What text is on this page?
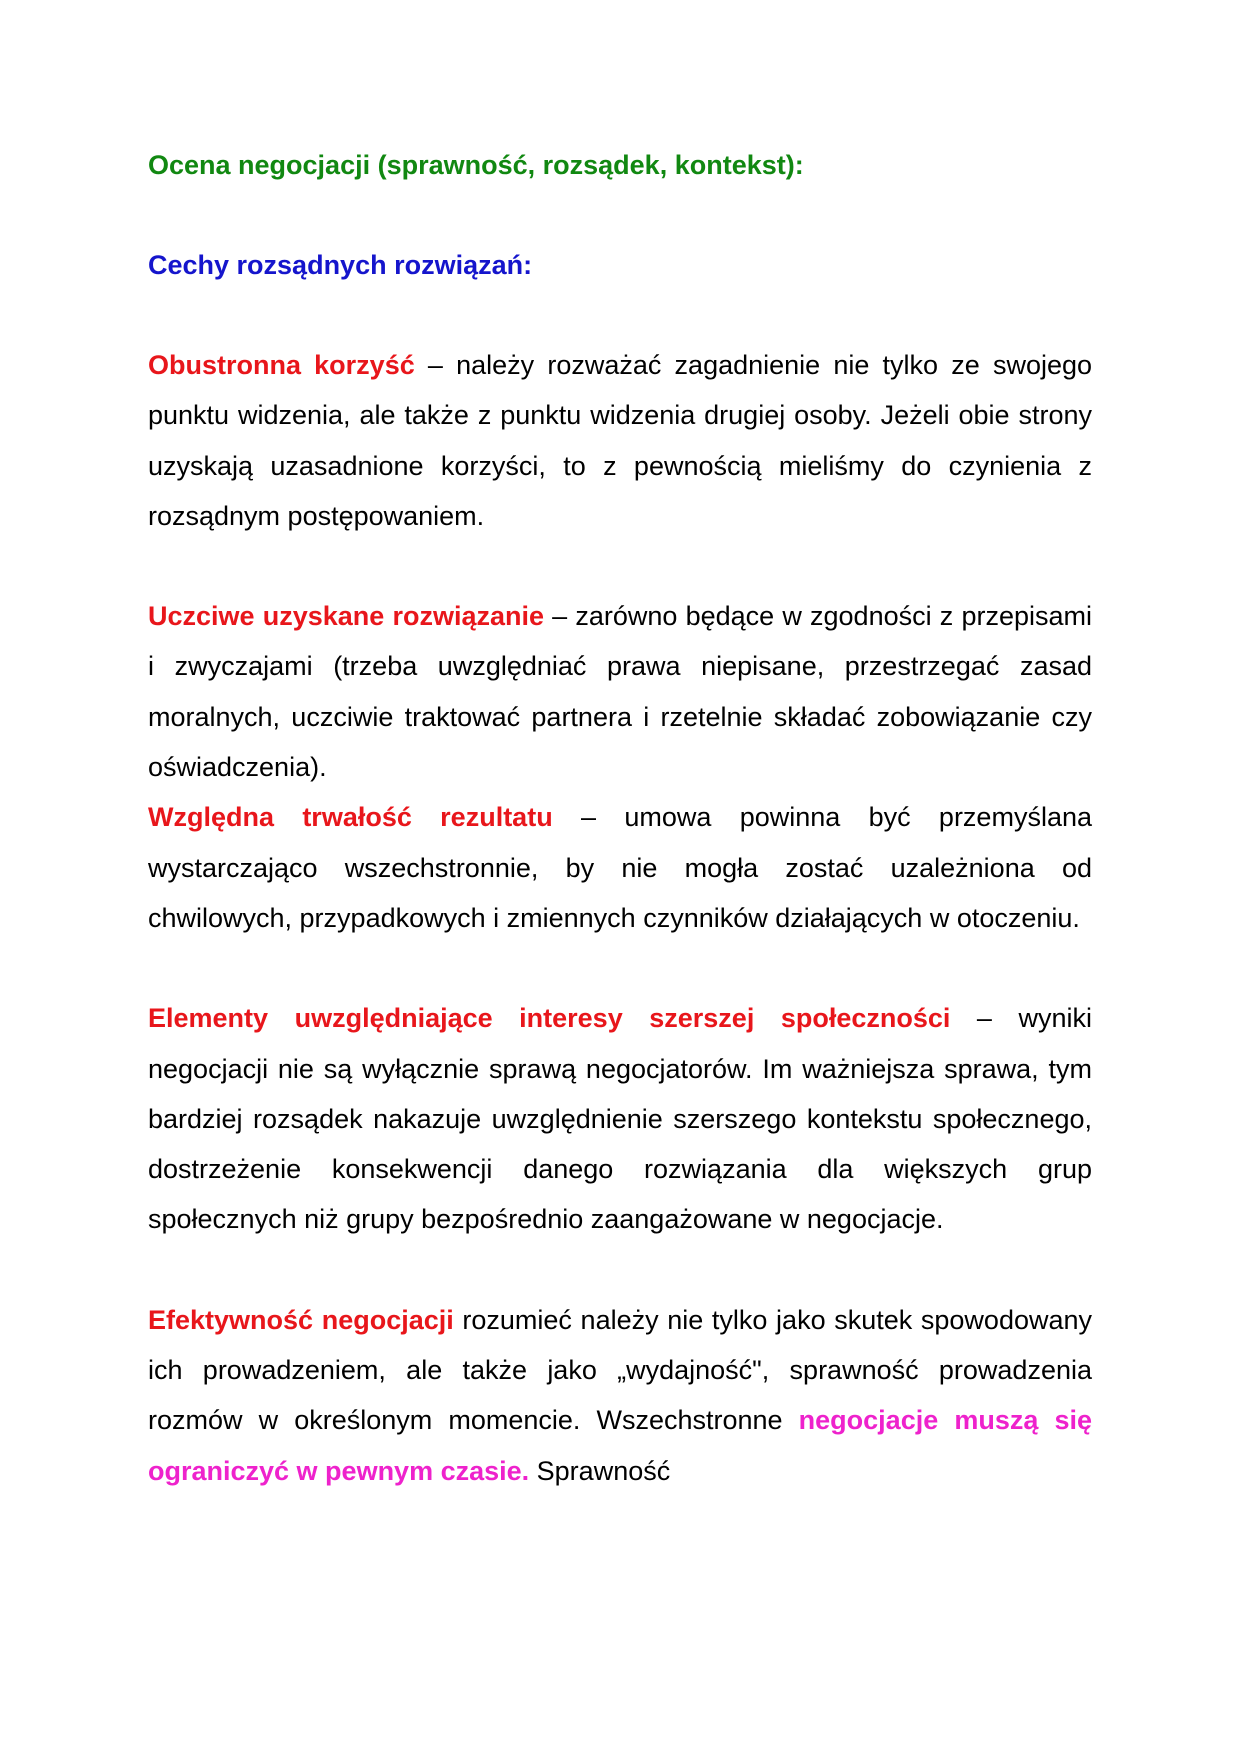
Ocena negocjacji (sprawność, rozsądek, kontekst):

Cechy rozsądnych rozwiązań:

Obustronna korzyść – należy rozważać zagadnienie nie tylko ze swojego punktu widzenia, ale także z punktu widzenia drugiej osoby. Jeżeli obie strony uzyskają uzasadnione korzyści, to z pewnością mieliśmy do czynienia z rozsądnym postępowaniem.

Uczciwe uzyskane rozwiązanie – zarówno będące w zgodności z przepisami i zwyczajami (trzeba uwzględniać prawa niepisane, przestrzegać zasad moralnych, uczciwie traktować partnera i rzetelnie składać zobowiązanie czy oświadczenia).

Względna trwałość rezultatu – umowa powinna być przemyślana wystarczająco wszechstronnie, by nie mogła zostać uzależniona od chwilowych, przypadkowych i zmiennych czynników działających w otoczeniu.

Elementy uwzględniające interesy szerszej społeczności – wyniki negocjacji nie są wyłącznie sprawą negocjatorów. Im ważniejsza sprawa, tym bardziej rozsądek nakazuje uwzględnienie szerszego kontekstu społecznego, dostrzeżenie konsekwencji danego rozwiązania dla większych grup społecznych niż grupy bezpośrednio zaangażowane w negocjacje.

Efektywność negocjacji rozumieć należy nie tylko jako skutek spowodowany ich prowadzeniem, ale także jako „wydajność", sprawność prowadzenia rozmów w określonym momencie. Wszechstronne negocjacje muszą się ograniczyć w pewnym czasie. Sprawność
